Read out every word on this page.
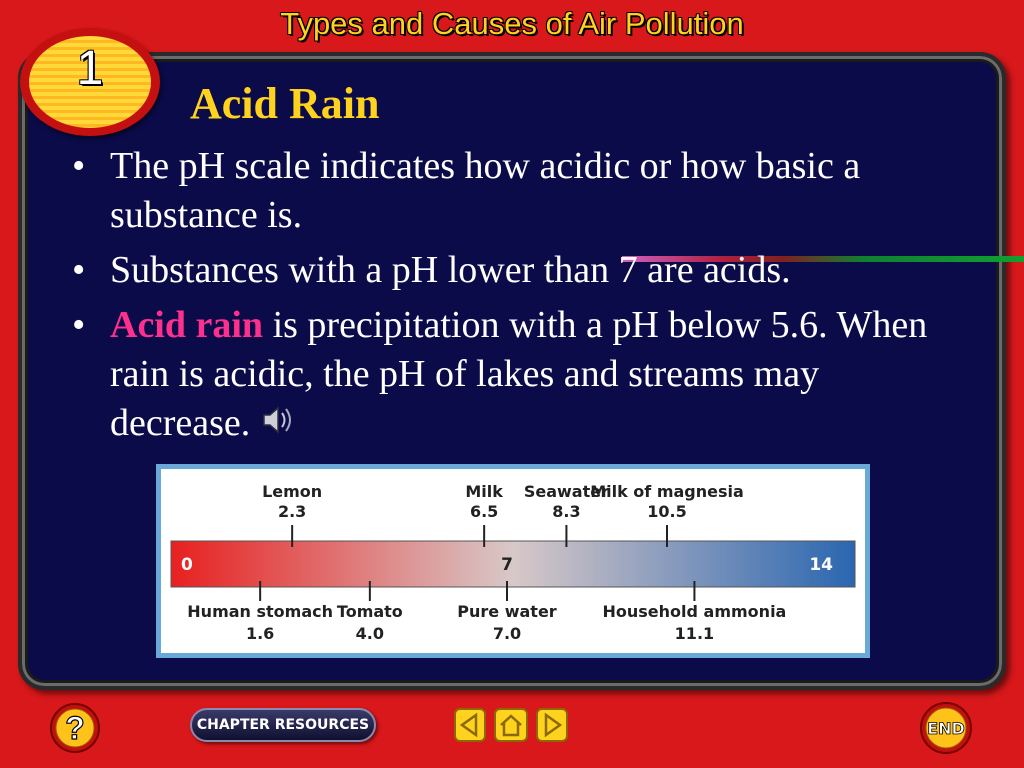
Types and Causes of Air Pollution
1
Acid Rain
• The pH scale indicates how acidic or how basic a substance is.
• Substances with a pH lower than 7 are acids.
• Acid rain is precipitation with a pH below 5.6. When rain is acidic, the pH of lakes and streams may decrease.
Lemon
2.3
Milk
6.5
Seawater
8.3
Milk of magnesia
10.5
Human stomach
1.6
Tomato
4.0
Pure water
7.0
Household ammonia
11.1
0	7	14
?	CHAPTER RESOURCES	END
